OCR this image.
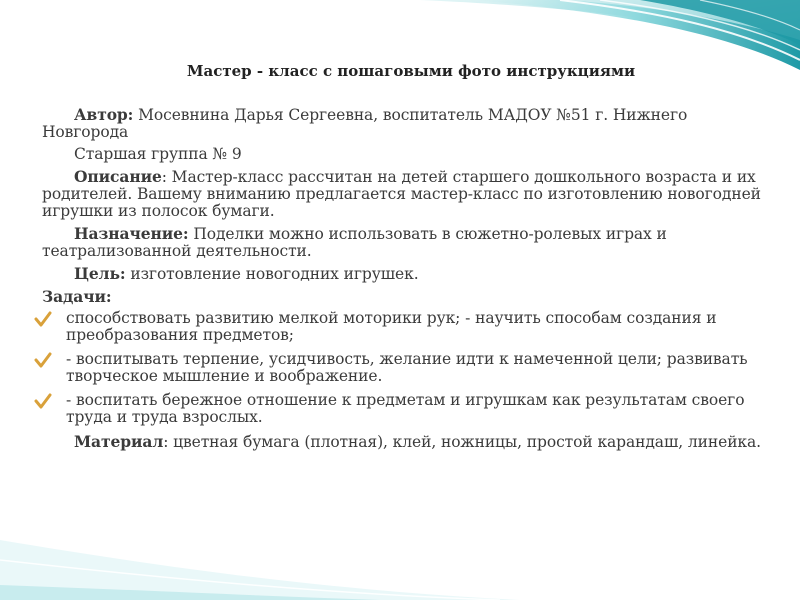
Мастер - класс с пошаговыми фото инструкциями

Автор: Мосевнина Дарья Сергеевна, воспитатель МАДОУ №51 г. Нижнего Новгорода

Старшая группа № 9

Описание: Мастер-класс рассчитан на детей старшего дошкольного возраста и их родителей. Вашему вниманию предлагается мастер-класс по изготовлению новогодней игрушки из полосок бумаги.

Назначение: Поделки можно использовать в сюжетно-ролевых играх и театрализованной деятельности.

Цель: изготовление новогодних игрушек.

Задачи:

способствовать развитию мелкой моторики рук; - научить способам создания и преобразования предметов;
- воспитывать терпение, усидчивость, желание идти к намеченной цели; развивать творческое мышление и воображение.
- воспитать бережное отношение к предметам и игрушкам как результатам своего труда и труда взрослых.

Материал: цветная бумага (плотная), клей, ножницы, простой карандаш, линейка.
